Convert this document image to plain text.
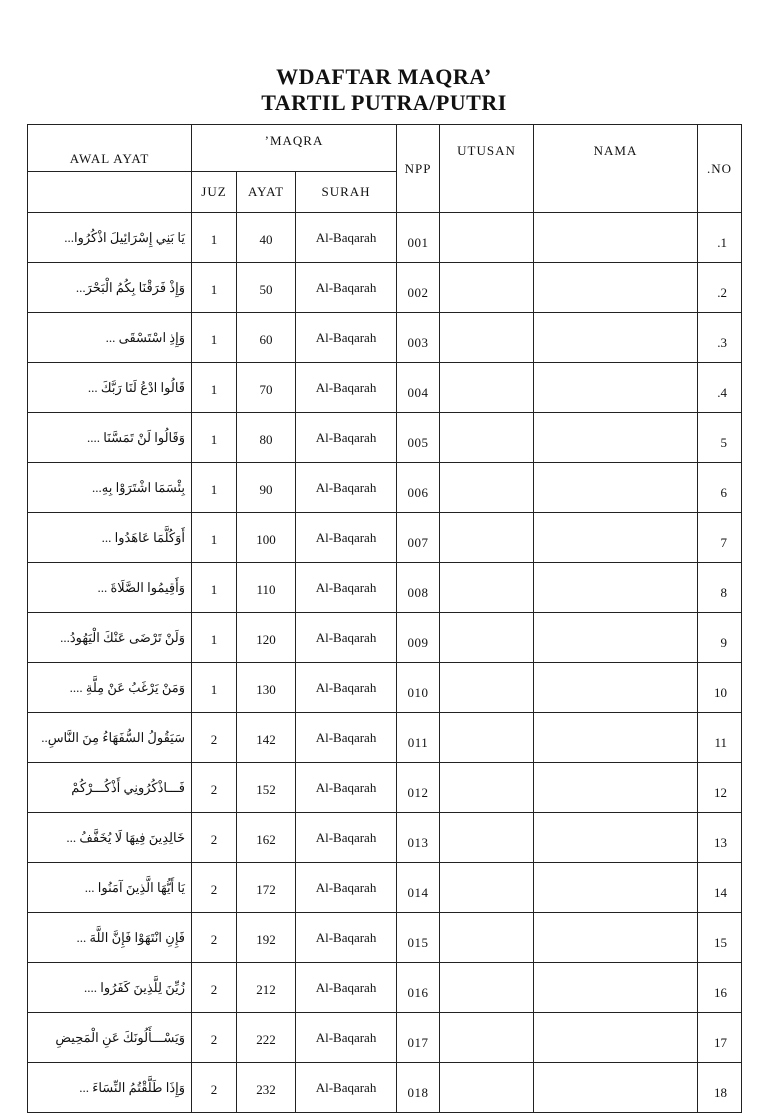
WDAFTAR MAQRA’
TARTIL PUTRA/PUTRI
AWAL AYAT	’MAQRA			NPP	UTUSAN	NAMA	.NO
	JUZ	AYAT	SURAH				
يَا بَنِي إِسْرَائِيلَ اذْكُرُوا...	1	40	Al-Baqarah	001			.1
وَإِذْ فَرَقْنَا بِكُمُ الْبَحْرَ...	1	50	Al-Baqarah	002			.2
وَإِذِ اسْتَسْقَى ...	1	60	Al-Baqarah	003			.3
قَالُوا ادْعُ لَنَا رَبَّكَ ...	1	70	Al-Baqarah	004			.4
وَقَالُوا لَنْ تَمَسَّنَا ....	1	80	Al-Baqarah	005			5
بِئْسَمَا اشْتَرَوْا بِهِ...	1	90	Al-Baqarah	006			6
أَوَكُلَّمَا عَاهَدُوا ...	1	100	Al-Baqarah	007			7
وَأَقِيمُوا الصَّلَاةَ ...	1	110	Al-Baqarah	008			8
وَلَنْ تَرْضَى عَنْكَ الْيَهُودُ...	1	120	Al-Baqarah	009			9
وَمَنْ يَرْغَبُ عَنْ مِلَّةِ ....	1	130	Al-Baqarah	010			10
سَيَقُولُ السُّفَهَاءُ مِنَ النَّاسِ..	2	142	Al-Baqarah	011			11
فَـــاذْكُرُونِي أَذْكُـــرْكُمْ	2	152	Al-Baqarah	012			12
خَالِدِينَ فِيهَا لَا يُخَفَّفُ ...	2	162	Al-Baqarah	013			13
يَا أَيُّهَا الَّذِينَ آمَنُوا ...	2	172	Al-Baqarah	014			14
فَإِنِ انْتَهَوْا فَإِنَّ اللَّهَ ...	2	192	Al-Baqarah	015			15
زُيِّنَ لِلَّذِينَ كَفَرُوا ....	2	212	Al-Baqarah	016			16
وَيَسْـــأَلُونَكَ عَنِ الْمَحِيضِ	2	222	Al-Baqarah	017			17
وَإِذَا طَلَّقْتُمُ النِّسَاءَ ...	2	232	Al-Baqarah	018			18
